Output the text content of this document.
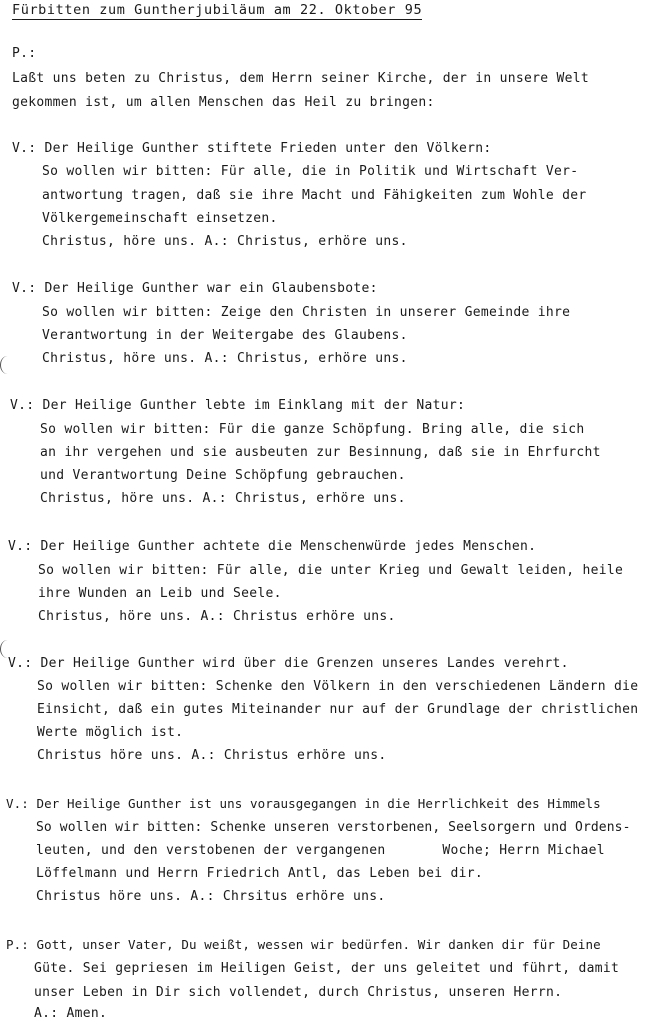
Fürbitten zum Guntherjubiläum am 22. Oktober 95
P.:
Laßt uns beten zu Christus, dem Herrn seiner Kirche, der in unsere Welt
gekommen ist, um allen Menschen das Heil zu bringen:
V.: Der Heilige Gunther stiftete Frieden unter den Völkern:
So wollen wir bitten: Für alle, die in Politik und Wirtschaft Ver-
antwortung tragen, daß sie ihre Macht und Fähigkeiten zum Wohle der
Völkergemeinschaft einsetzen.
Christus, höre uns. A.: Christus, erhöre uns.
V.: Der Heilige Gunther war ein Glaubensbote:
So wollen wir bitten: Zeige den Christen in unserer Gemeinde ihre
Verantwortung in der Weitergabe des Glaubens.
Christus, höre uns. A.: Christus, erhöre uns.
V.: Der Heilige Gunther lebte im Einklang mit der Natur:
So wollen wir bitten: Für die ganze Schöpfung. Bring alle, die sich
an ihr vergehen und sie ausbeuten zur Besinnung, daß sie in Ehrfurcht
und Verantwortung Deine Schöpfung gebrauchen.
Christus, höre uns. A.: Christus, erhöre uns.
V.: Der Heilige Gunther achtete die Menschenwürde jedes Menschen.
So wollen wir bitten: Für alle, die unter Krieg und Gewalt leiden, heile
ihre Wunden an Leib und Seele.
Christus, höre uns. A.: Christus erhöre uns.
V.: Der Heilige Gunther wird über die Grenzen unseres Landes verehrt.
So wollen wir bitten: Schenke den Völkern in den verschiedenen Ländern die
Einsicht, daß ein gutes Miteinander nur auf der Grundlage der christlichen
Werte möglich ist.
Christus höre uns. A.: Christus erhöre uns.
V.: Der Heilige Gunther ist uns vorausgegangen in die Herrlichkeit des Himmels
So wollen wir bitten: Schenke unseren verstorbenen, Seelsorgern und Ordens-
leuten, und den verstobenen der vergangenen       Woche; Herrn Michael
Löffelmann und Herrn Friedrich Antl, das Leben bei dir.
Christus höre uns. A.: Chrsitus erhöre uns.
P.: Gott, unser Vater, Du weißt, wessen wir bedürfen. Wir danken dir für Deine
Güte. Sei gepriesen im Heiligen Geist, der uns geleitet und führt, damit
unser Leben in Dir sich vollendet, durch Christus, unseren Herrn.
A.: Amen.
